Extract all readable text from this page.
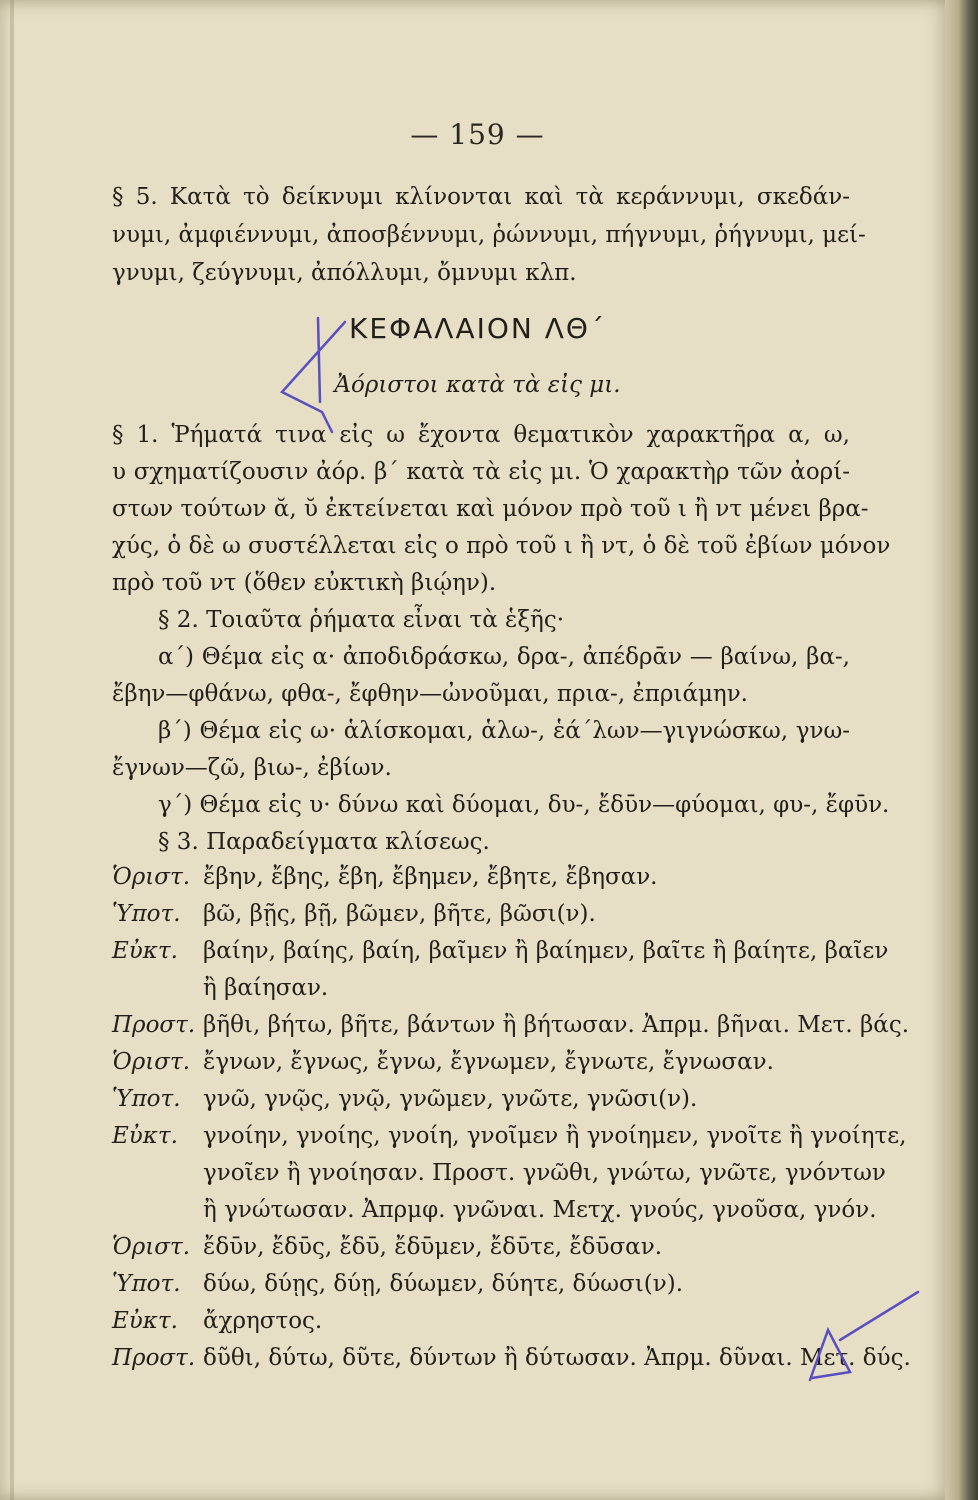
— 159 —
§ 5. Κατὰ τὸ δείκνυμι κλίνονται καὶ τὰ κεράννυμι, σκεδάν-
νυμι, ἀμφιέννυμι, ἀποσβέννυμι, ῥώννυμι, πήγνυμι, ῥήγνυμι, μεί-
γνυμι, ζεύγνυμι, ἀπόλλυμι, ὄμνυμι κλπ.
ΚΕΦΑΛΑΙΟΝ ΛΘ΄
Ἀόριστοι κατὰ τὰ εἰς μι.
§ 1. Ῥήματά τινα εἰς ω ἔχοντα θεματικὸν χαρακτῆρα α, ω,
υ σχηματίζουσιν ἀόρ. β΄ κατὰ τὰ εἰς μι. Ὁ χαρακτὴρ τῶν ἀορί-
στων τούτων ᾰ, ῠ ἐκτείνεται καὶ μόνον πρὸ τοῦ ι ἢ ντ μένει βρα-
χύς, ὁ δὲ ω συστέλλεται εἰς ο πρὸ τοῦ ι ἢ ντ, ὁ δὲ τοῦ ἐβίων μόνον
πρὸ τοῦ ντ (ὅθεν εὐκτικὴ βιῴην).
§ 2. Τοιαῦτα ῥήματα εἶναι τὰ ἑξῆς·
α΄) Θέμα εἰς α· ἀποδιδράσκω, δρα-, ἀπέδρᾱν — βαίνω, βα-,
ἔβην—φθάνω, φθα-, ἔφθην—ὠνοῦμαι, πρια-, ἐπριάμην.
β΄) Θέμα εἰς ω· ἁλίσκομαι, ἁλω-, ἑά΄λων—γιγνώσκω, γνω-
ἔγνων—ζῶ, βιω-, ἐβίων.
γ΄) Θέμα εἰς υ· δύνω καὶ δύομαι, δυ-, ἔδῡν—φύομαι, φυ-, ἔφῡν.
§ 3. Παραδείγματα κλίσεως.
Ὁριστ. ἔβην, ἔβης, ἔβη, ἔβημεν, ἔβητε, ἔβησαν.
Ὑποτ. βῶ, βῇς, βῇ, βῶμεν, βῆτε, βῶσι(ν).
Εὐκτ.	βαίην, βαίης, βαίη, βαῖμεν ἢ βαίημεν, βαῖτε ἢ βαίητε, βαῖεν
ἢ βαίησαν.
Προστ. βῆθι, βήτω, βῆτε, βάντων ἢ βήτωσαν. Ἀπρμ. βῆναι. Μετ. βάς.
Ὁριστ. ἔγνων, ἔγνως, ἔγνω, ἔγνωμεν, ἔγνωτε, ἔγνωσαν.
Ὑποτ. γνῶ, γνῷς, γνῷ, γνῶμεν, γνῶτε, γνῶσι(ν).
Εὐκτ.	γνοίην, γνοίης, γνοίη, γνοῖμεν ἢ γνοίημεν, γνοῖτε ἢ γνοίητε,
γνοῖεν ἢ γνοίησαν. Προστ. γνῶθι, γνώτω, γνῶτε, γνόντων
ἢ γνώτωσαν. Ἀπρμφ. γνῶναι. Μετχ. γνούς, γνοῦσα, γνόν.
Ὁριστ. ἔδῡν, ἔδῡς, ἔδῡ, ἔδῡμεν, ἔδῡτε, ἔδῡσαν.
Ὑποτ. δύω, δύῃς, δύῃ, δύωμεν, δύητε, δύωσι(ν).
Εὐκτ.	ἄχρηστος.
Προστ. δῦθι, δύτω, δῦτε, δύντων ἢ δύτωσαν. Ἀπρμ. δῦναι. Μετ. δύς.
